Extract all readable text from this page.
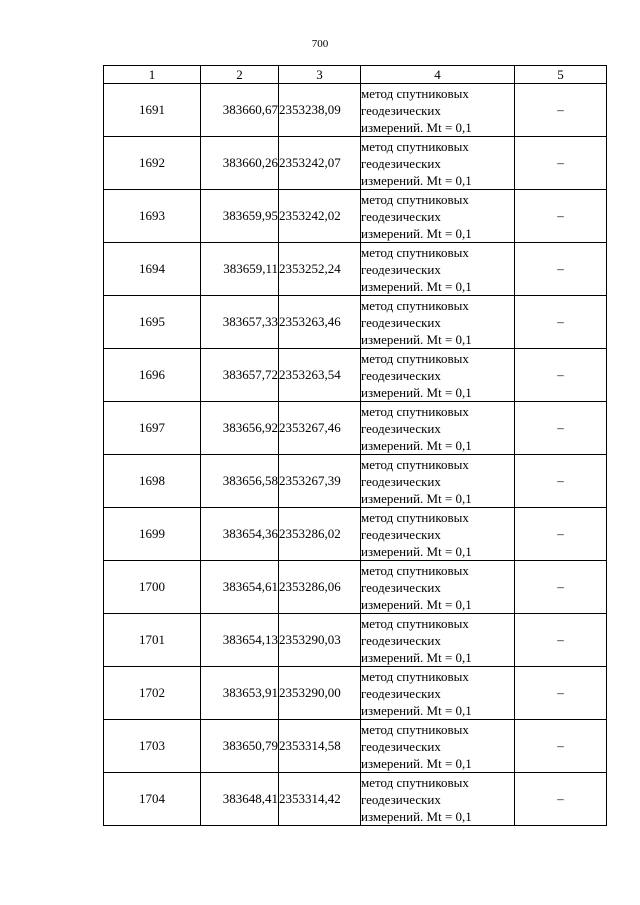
700
1	2	3	4	5
1691	383660,67	2353238,09	метод спутниковых
геодезических
измерений. Mt = 0,1	–
1692	383660,26	2353242,07	метод спутниковых
геодезических
измерений. Mt = 0,1	–
1693	383659,95	2353242,02	метод спутниковых
геодезических
измерений. Mt = 0,1	–
1694	383659,11	2353252,24	метод спутниковых
геодезических
измерений. Mt = 0,1	–
1695	383657,33	2353263,46	метод спутниковых
геодезических
измерений. Mt = 0,1	–
1696	383657,72	2353263,54	метод спутниковых
геодезических
измерений. Mt = 0,1	–
1697	383656,92	2353267,46	метод спутниковых
геодезических
измерений. Mt = 0,1	–
1698	383656,58	2353267,39	метод спутниковых
геодезических
измерений. Mt = 0,1	–
1699	383654,36	2353286,02	метод спутниковых
геодезических
измерений. Mt = 0,1	–
1700	383654,61	2353286,06	метод спутниковых
геодезических
измерений. Mt = 0,1	–
1701	383654,13	2353290,03	метод спутниковых
геодезических
измерений. Mt = 0,1	–
1702	383653,91	2353290,00	метод спутниковых
геодезических
измерений. Mt = 0,1	–
1703	383650,79	2353314,58	метод спутниковых
геодезических
измерений. Mt = 0,1	–
1704	383648,41	2353314,42	метод спутниковых
геодезических
измерений. Mt = 0,1	–
